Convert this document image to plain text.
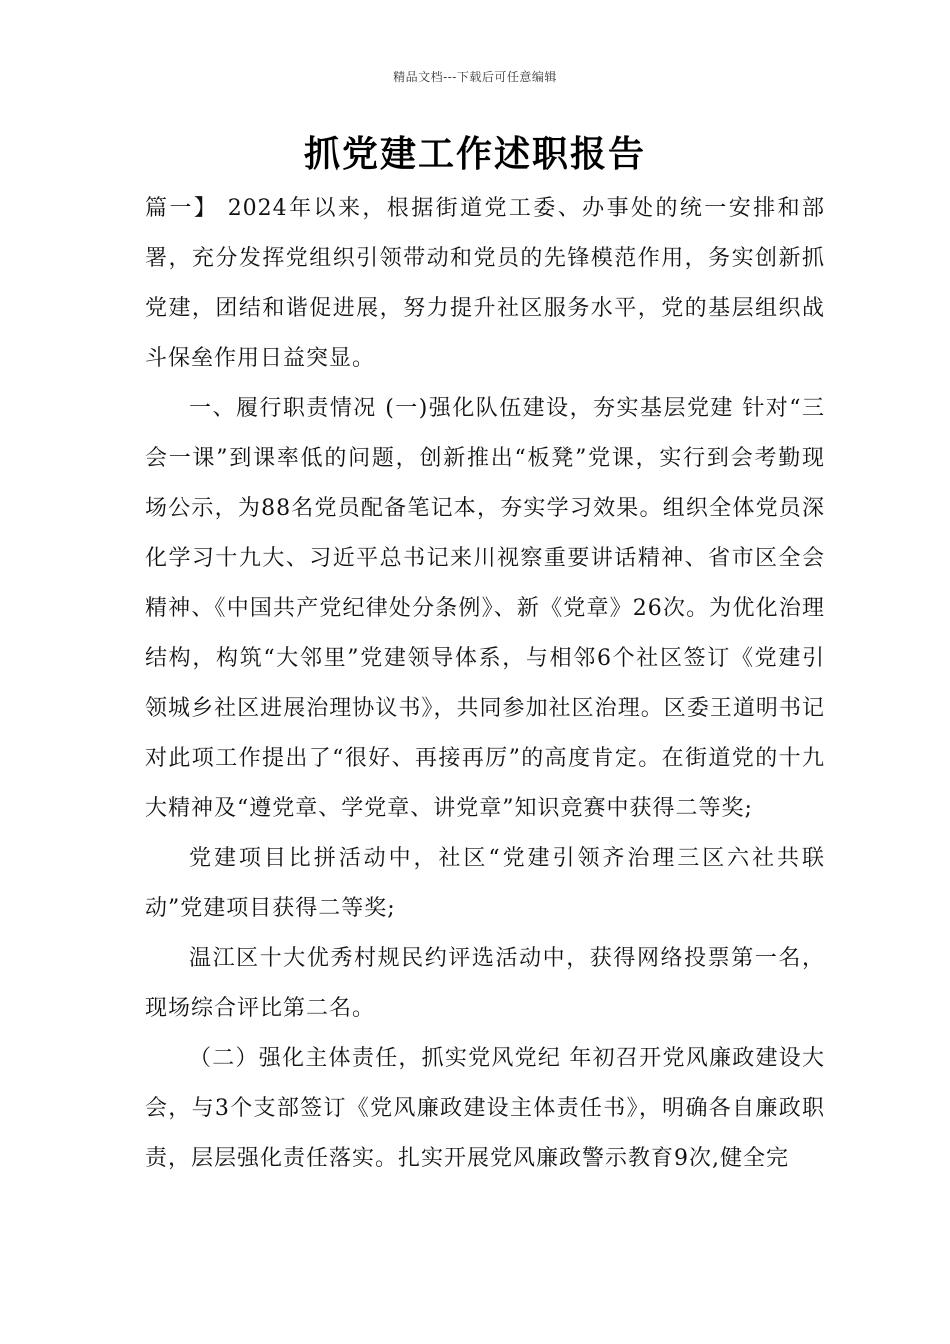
精品文档---下载后可任意编辑
抓党建工作述职报告

篇一】 2024年以来，根据街道党工委、办事处的统一安排和部署，充分发挥党组织引领带动和党员的先锋模范作用，务实创新抓党建，团结和谐促进展，努力提升社区服务水平，党的基层组织战斗保垒作用日益突显。

一、履行职责情况 (一)强化队伍建设，夯实基层党建 针对“三会一课”到课率低的问题，创新推出“板凳”党课，实行到会考勤现场公示，为88名党员配备笔记本，夯实学习效果。组织全体党员深化学习十九大、习近平总书记来川视察重要讲话精神、省市区全会精神、《中国共产党纪律处分条例》、新《党章》26次。为优化治理结构，构筑“大邻里”党建领导体系，与相邻6个社区签订《党建引领城乡社区进展治理协议书》，共同参加社区治理。区委王道明书记对此项工作提出了“很好、再接再厉”的高度肯定。在街道党的十九大精神及“遵党章、学党章、讲党章”知识竞赛中获得二等奖;

党建项目比拼活动中，社区“党建引领齐治理三区六社共联动”党建项目获得二等奖;

温江区十大优秀村规民约评选活动中，获得网络投票第一名，现场综合评比第二名。

（二）强化主体责任，抓实党风党纪 年初召开党风廉政建设大会，与3个支部签订《党风廉政建设主体责任书》，明确各自廉政职责，层层强化责任落实。扎实开展党风廉政警示教育9次,健全完
